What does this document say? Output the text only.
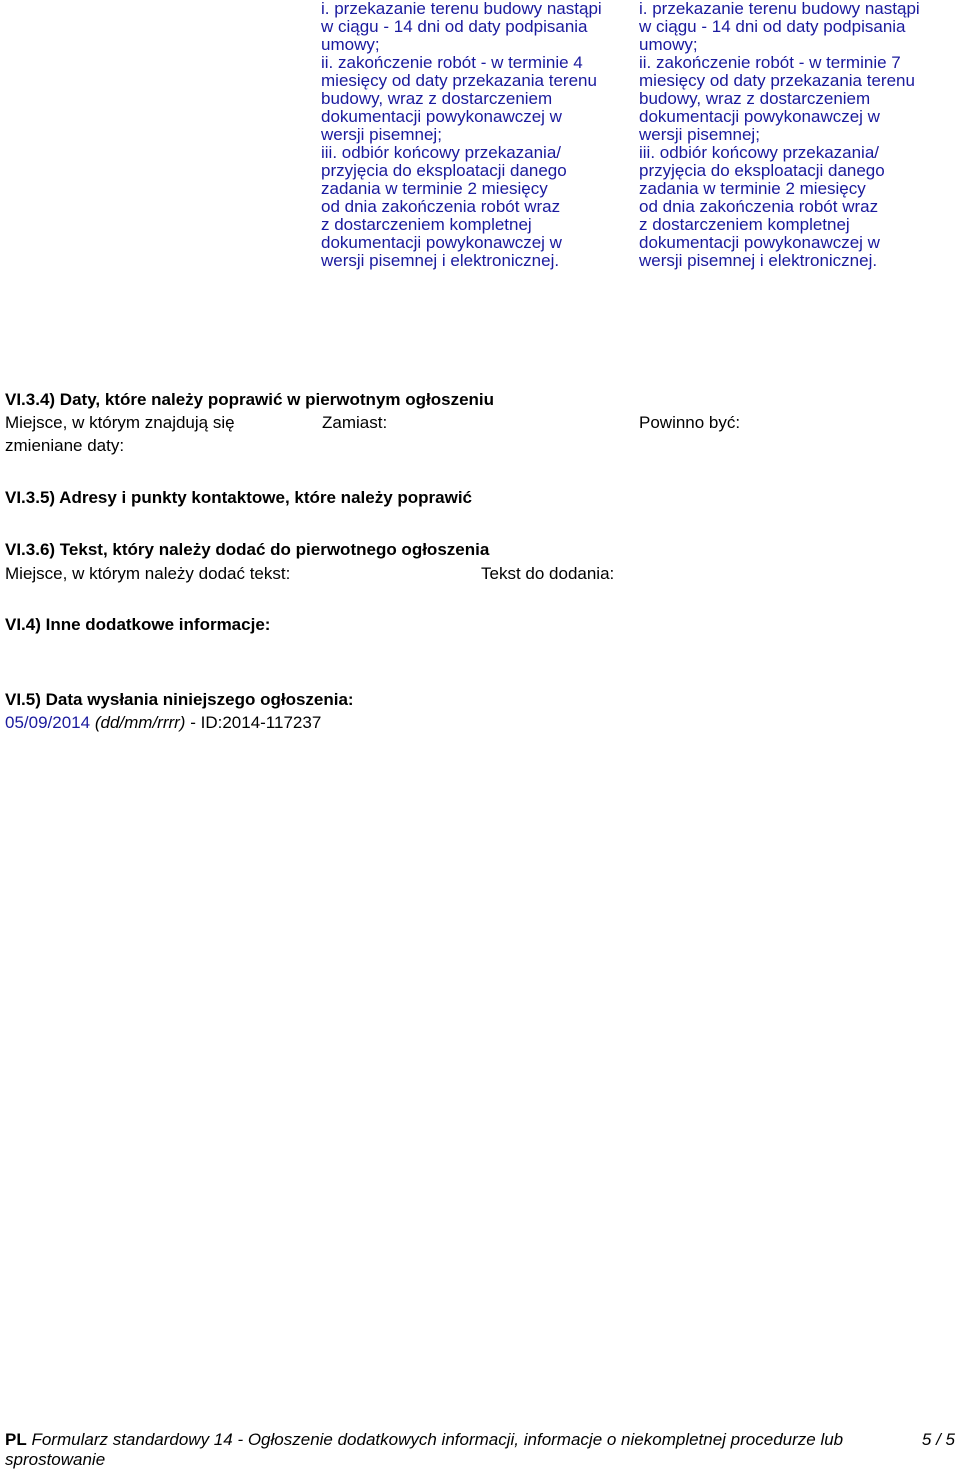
i. przekazanie terenu budowy nastąpi
w ciągu - 14 dni od daty podpisania
umowy;
ii. zakończenie robót - w terminie 4
miesięcy od daty przekazania terenu
budowy, wraz z dostarczeniem
dokumentacji powykonawczej w
wersji pisemnej;
iii. odbiór końcowy przekazania/
przyjęcia do eksploatacji danego
zadania w terminie 2 miesięcy
od dnia zakończenia robót wraz
z dostarczeniem kompletnej
dokumentacji powykonawczej w
wersji pisemnej i elektronicznej.
i. przekazanie terenu budowy nastąpi
w ciągu - 14 dni od daty podpisania
umowy;
ii. zakończenie robót - w terminie 7
miesięcy od daty przekazania terenu
budowy, wraz z dostarczeniem
dokumentacji powykonawczej w
wersji pisemnej;
iii. odbiór końcowy przekazania/
przyjęcia do eksploatacji danego
zadania w terminie 2 miesięcy
od dnia zakończenia robót wraz
z dostarczeniem kompletnej
dokumentacji powykonawczej w
wersji pisemnej i elektronicznej.
VI.3.4) Daty, które należy poprawić w pierwotnym ogłoszeniu
Miejsce, w którym znajdują się
zmieniane daty:
Zamiast:	Powinno być:
VI.3.5) Adresy i punkty kontaktowe, które należy poprawić
VI.3.6) Tekst, który należy dodać do pierwotnego ogłoszenia
Miejsce, w którym należy dodać tekst:	Tekst do dodania:
VI.4) Inne dodatkowe informacje:
VI.5) Data wysłania niniejszego ogłoszenia:
05/09/2014 (dd/mm/rrrr) - ID:2014-117237
PL Formularz standardowy 14 - Ogłoszenie dodatkowych informacji, informacje o niekompletnej procedurze lub
sprostowanie
5 / 5
